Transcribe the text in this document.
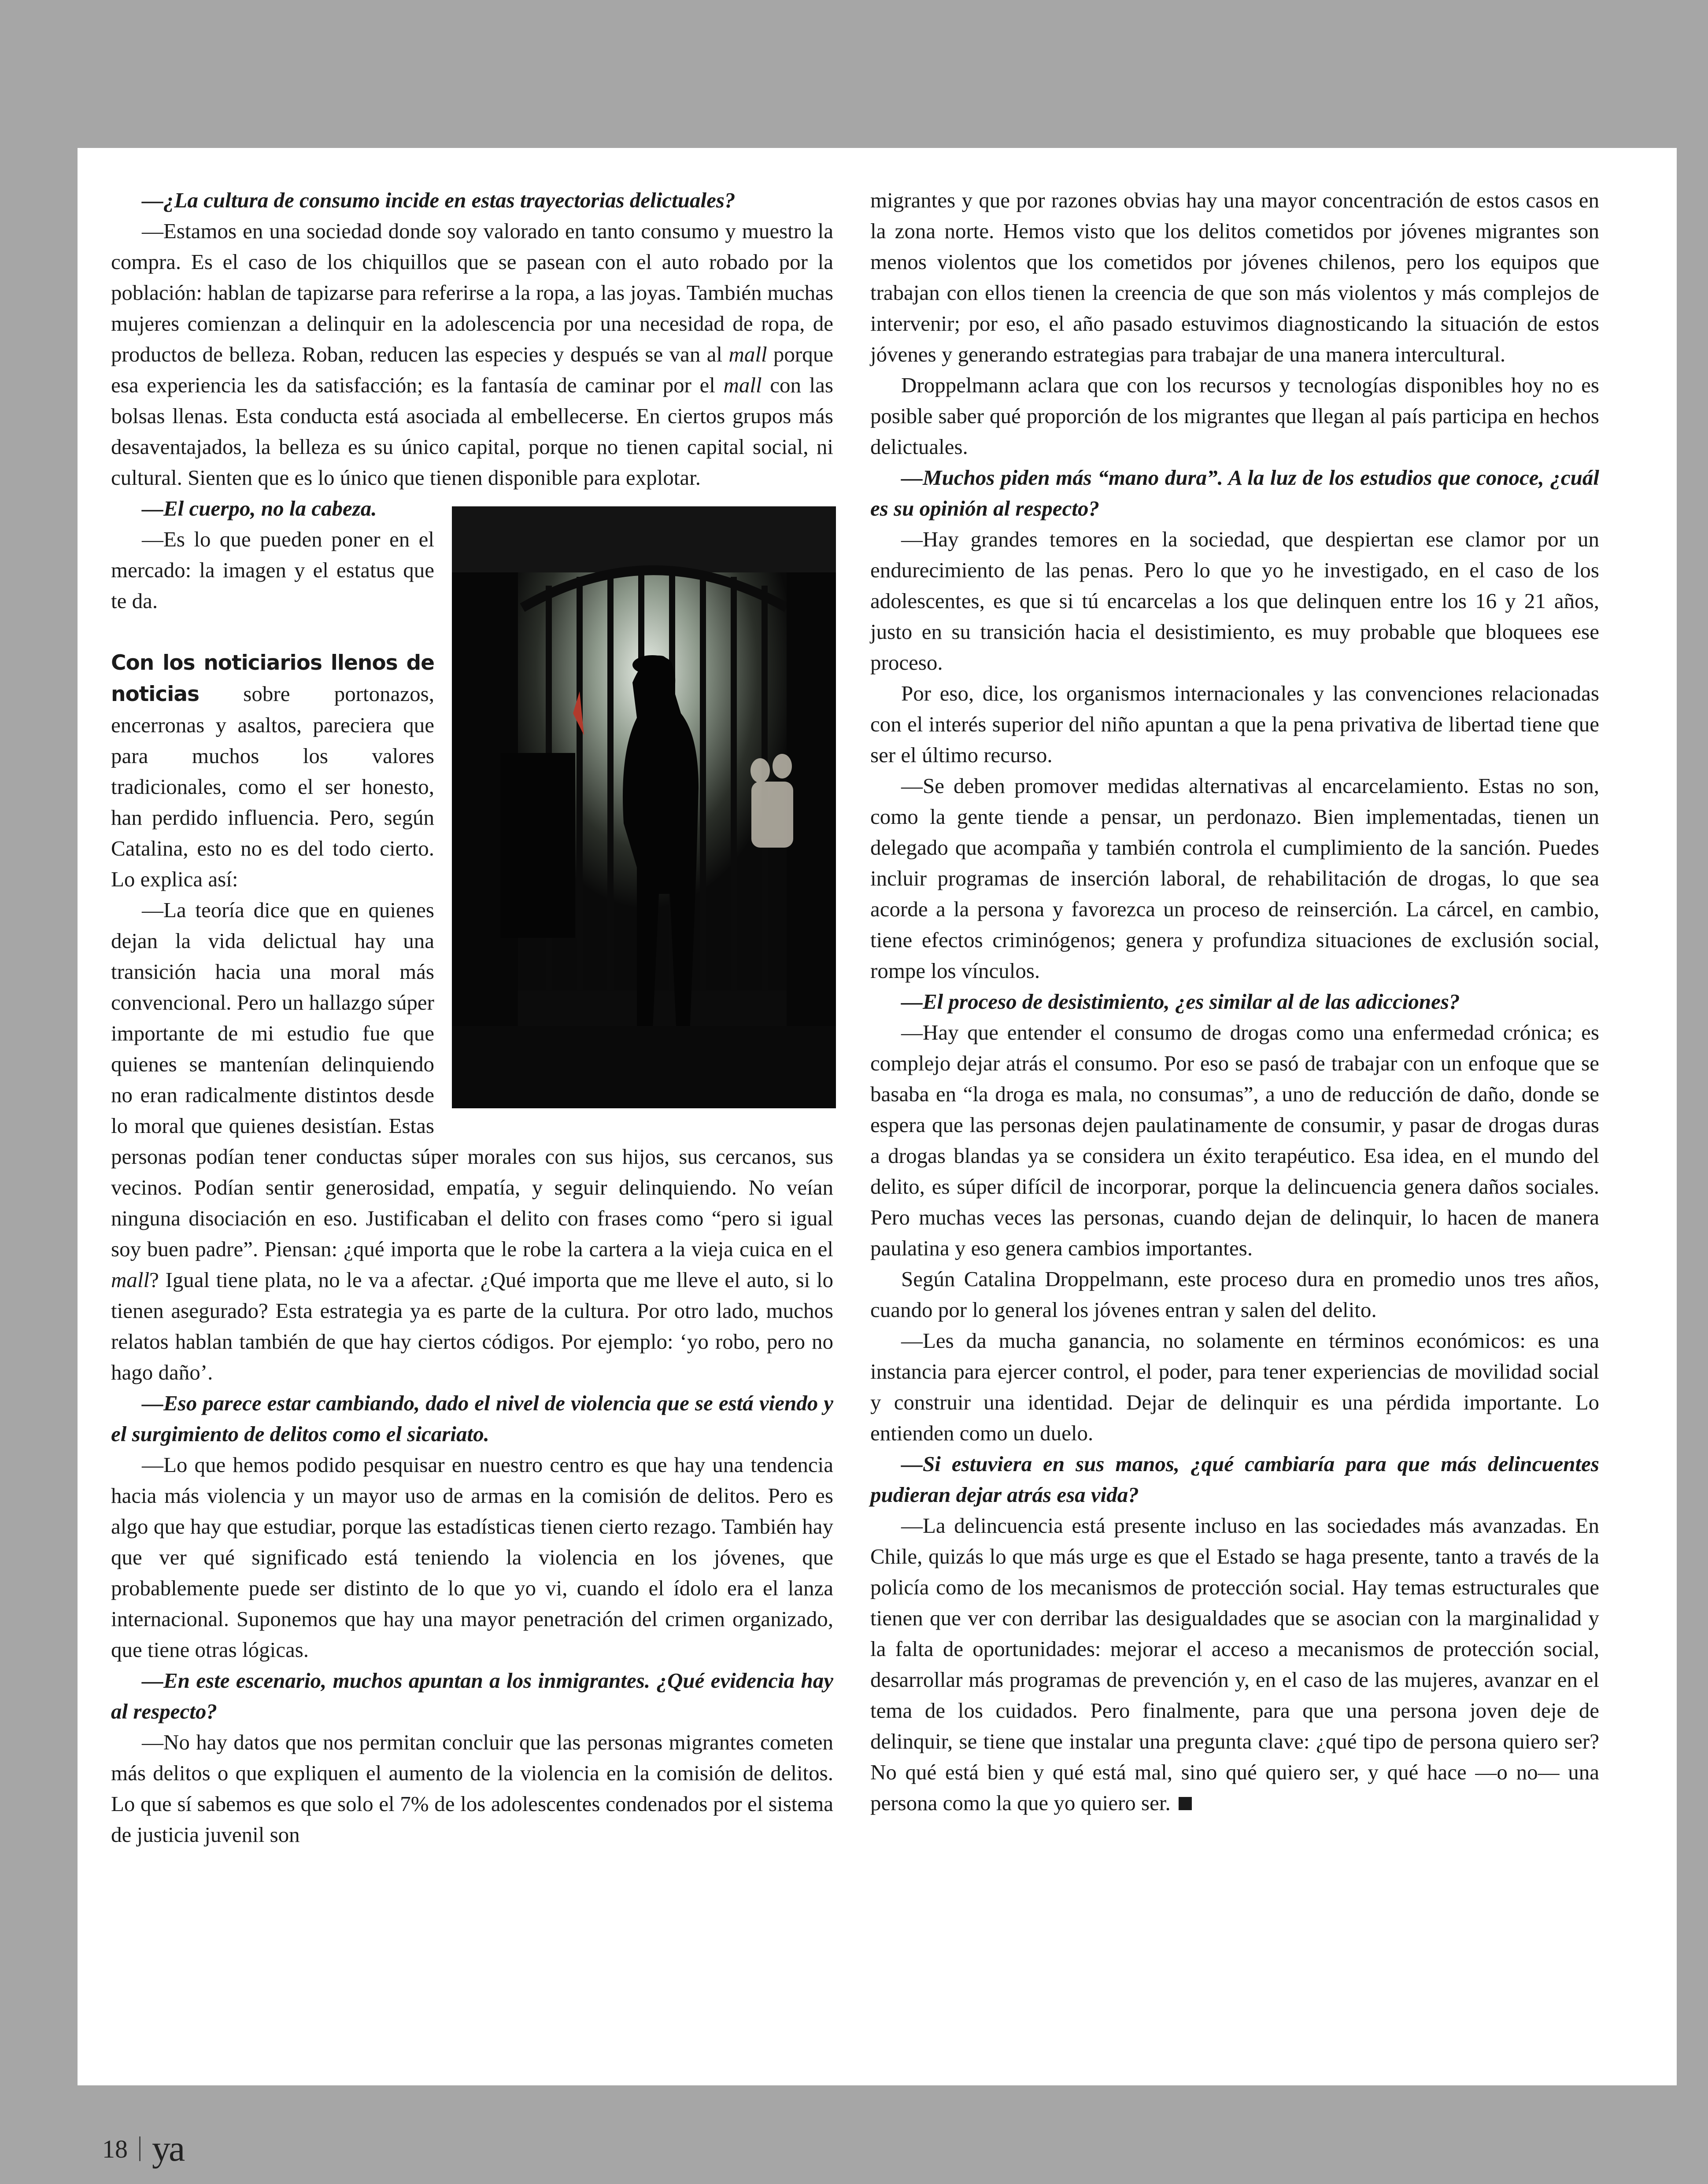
—¿La cultura de consumo incide en estas trayectorias delictuales?

—Estamos en una sociedad donde soy valorado en tanto consumo y muestro la compra. Es el caso de los chiquillos que se pasean con el auto robado por la población: hablan de tapizarse para referirse a la ropa, a las joyas. También muchas mujeres comienzan a delinquir en la adolescencia por una necesidad de ropa, de productos de belleza. Roban, reducen las especies y después se van al mall porque esa experiencia les da satisfacción; es la fantasía de caminar por el mall con las bolsas llenas. Esta conducta está asociada al embellecerse. En ciertos grupos más desaventajados, la belleza es su único capital, porque no tienen capital social, ni cultural. Sienten que es lo único que tienen disponible para explotar.

—El cuerpo, no la cabeza.

—Es lo que pueden poner en el mercado: la imagen y el estatus que te da.

Con los noticiarios llenos de noticias sobre portonazos, encerronas y asaltos, pareciera que para muchos los valores tradicionales, como el ser honesto, han perdido influencia. Pero, según Catalina, esto no es del todo cierto. Lo explica así:

—La teoría dice que en quienes dejan la vida delictual hay una transición hacia una moral más convencional. Pero un hallazgo súper importante de mi estudio fue que quienes se mantenían delinquiendo no eran radicalmente distintos desde lo moral que quienes desistían. Estas personas podían tener conductas súper morales con sus hijos, sus cercanos, sus vecinos. Podían sentir generosidad, empatía, y seguir delinquiendo. No veían ninguna disociación en eso. Justificaban el delito con frases como “pero si igual soy buen padre”. Piensan: ¿qué importa que le robe la cartera a la vieja cuica en el mall? Igual tiene plata, no le va a afectar. ¿Qué importa que me lleve el auto, si lo tienen asegurado? Esta estrategia ya es parte de la cultura. Por otro lado, muchos relatos hablan también de que hay ciertos códigos. Por ejemplo: ‘yo robo, pero no hago daño’.

—Eso parece estar cambiando, dado el nivel de violencia que se está viendo y el surgimiento de delitos como el sicariato.

—Lo que hemos podido pesquisar en nuestro centro es que hay una tendencia hacia más violencia y un mayor uso de armas en la comisión de delitos. Pero es algo que hay que estudiar, porque las estadísticas tienen cierto rezago. También hay que ver qué significado está teniendo la violencia en los jóvenes, que probablemente puede ser distinto de lo que yo vi, cuando el ídolo era el lanza internacional. Suponemos que hay una mayor penetración del crimen organizado, que tiene otras lógicas.

—En este escenario, muchos apuntan a los inmigrantes. ¿Qué evidencia hay al respecto?

—No hay datos que nos permitan concluir que las personas migrantes cometen más delitos o que expliquen el aumento de la violencia en la comisión de delitos. Lo que sí sabemos es que solo el 7% de los adolescentes condenados por el sistema de justicia juvenil son

migrantes y que por razones obvias hay una mayor concentración de estos casos en la zona norte. Hemos visto que los delitos cometidos por jóvenes migrantes son menos violentos que los cometidos por jóvenes chilenos, pero los equipos que trabajan con ellos tienen la creencia de que son más violentos y más complejos de intervenir; por eso, el año pasado estuvimos diagnosticando la situación de estos jóvenes y generando estrategias para trabajar de una manera intercultural.

Droppelmann aclara que con los recursos y tecnologías disponibles hoy no es posible saber qué proporción de los migrantes que llegan al país participa en hechos delictuales.

—Muchos piden más “mano dura”. A la luz de los estudios que conoce, ¿cuál es su opinión al respecto?

—Hay grandes temores en la sociedad, que despiertan ese clamor por un endurecimiento de las penas. Pero lo que yo he investigado, en el caso de los adolescentes, es que si tú encarcelas a los que delinquen entre los 16 y 21 años, justo en su transición hacia el desistimiento, es muy probable que bloquees ese proceso.

Por eso, dice, los organismos internacionales y las convenciones relacionadas con el interés superior del niño apuntan a que la pena privativa de libertad tiene que ser el último recurso.

—Se deben promover medidas alternativas al encarcelamiento. Estas no son, como la gente tiende a pensar, un perdonazo. Bien implementadas, tienen un delegado que acompaña y también controla el cumplimiento de la sanción. Puedes incluir programas de inserción laboral, de rehabilitación de drogas, lo que sea acorde a la persona y favorezca un proceso de reinserción. La cárcel, en cambio, tiene efectos criminógenos; genera y profundiza situaciones de exclusión social, rompe los vínculos.

—El proceso de desistimiento, ¿es similar al de las adicciones?

—Hay que entender el consumo de drogas como una enfermedad crónica; es complejo dejar atrás el consumo. Por eso se pasó de trabajar con un enfoque que se basaba en “la droga es mala, no consumas”, a uno de reducción de daño, donde se espera que las personas dejen paulatinamente de consumir, y pasar de drogas duras a drogas blandas ya se considera un éxito terapéutico. Esa idea, en el mundo del delito, es súper difícil de incorporar, porque la delincuencia genera daños sociales. Pero muchas veces las personas, cuando dejan de delinquir, lo hacen de manera paulatina y eso genera cambios importantes.

Según Catalina Droppelmann, este proceso dura en promedio unos tres años, cuando por lo general los jóvenes entran y salen del delito.

—Les da mucha ganancia, no solamente en términos económicos: es una instancia para ejercer control, el poder, para tener experiencias de movilidad social y construir una identidad. Dejar de delinquir es una pérdida importante. Lo entienden como un duelo.

—Si estuviera en sus manos, ¿qué cambiaría para que más delincuentes pudieran dejar atrás esa vida?

—La delincuencia está presente incluso en las sociedades más avanzadas. En Chile, quizás lo que más urge es que el Estado se haga presente, tanto a través de la policía como de los mecanismos de protección social. Hay temas estructurales que tienen que ver con derribar las desigualdades que se asocian con la marginalidad y la falta de oportunidades: mejorar el acceso a mecanismos de protección social, desarrollar más programas de prevención y, en el caso de las mujeres, avanzar en el tema de los cuidados. Pero finalmente, para que una persona joven deje de delinquir, se tiene que instalar una pregunta clave: ¿qué tipo de persona quiero ser? No qué está bien y qué está mal, sino qué quiero ser, y qué hace —o no— una persona como la que yo quiero ser.

18 ya
